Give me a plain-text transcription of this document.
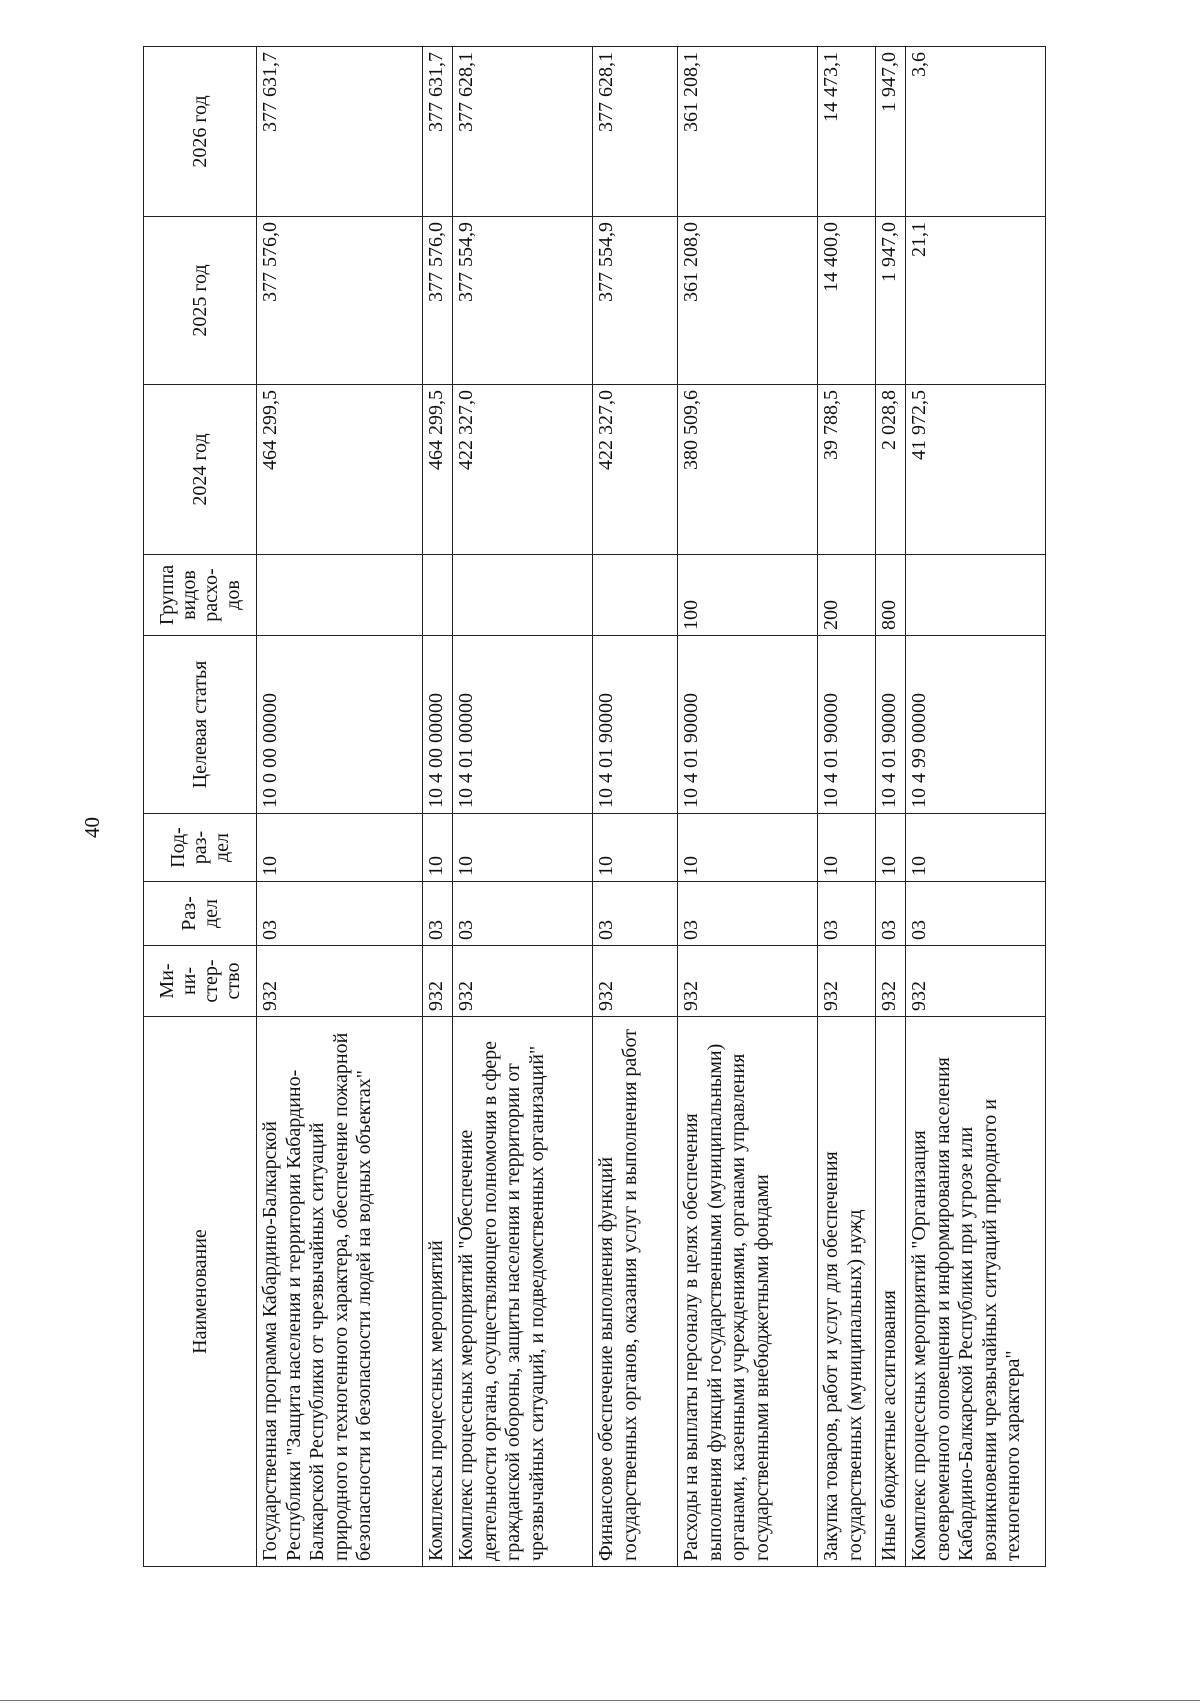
40
Наименование	Ми-ни-стер-ство	Раз-дел	Под-раз-дел	Целевая статья	Группа видов расхо-дов	2024 год	2025 год	2026 год
Государственная программа Кабардино-Балкарской Республики "Защита населения и территории Кабардино-Балкарской Республики от чрезвычайных ситуаций природного и техногенного характера, обеспечение пожарной безопасности и безопасности людей на водных объектах"	932	03	10	10 0 00 00000		464 299,5	377 576,0	377 631,7
Комплексы процессных мероприятий	932	03	10	10 4 00 00000		464 299,5	377 576,0	377 631,7
Комплекс процессных мероприятий "Обеспечение деятельности органа, осуществляющего полномочия в сфере гражданской обороны, защиты населения и территории от чрезвычайных ситуаций, и подведомственных организаций"	932	03	10	10 4 01 00000		422 327,0	377 554,9	377 628,1
Финансовое обеспечение выполнения функций государственных органов, оказания услуг и выполнения работ	932	03	10	10 4 01 90000		422 327,0	377 554,9	377 628,1
Расходы на выплаты персоналу в целях обеспечения выполнения функций государственными (муниципальными) органами, казенными учреждениями, органами управления государственными внебюджетными фондами	932	03	10	10 4 01 90000	100	380 509,6	361 208,0	361 208,1
Закупка товаров, работ и услуг для обеспечения государственных (муниципальных) нужд	932	03	10	10 4 01 90000	200	39 788,5	14 400,0	14 473,1
Иные бюджетные ассигнования	932	03	10	10 4 01 90000	800	2 028,8	1 947,0	1 947,0
Комплекс процессных мероприятий "Организация своевременного оповещения и информирования населения Кабардино-Балкарской Республики при угрозе или возникновении чрезвычайных ситуаций природного и техногенного характера"	932	03	10	10 4 99 00000		41 972,5	21,1	3,6
